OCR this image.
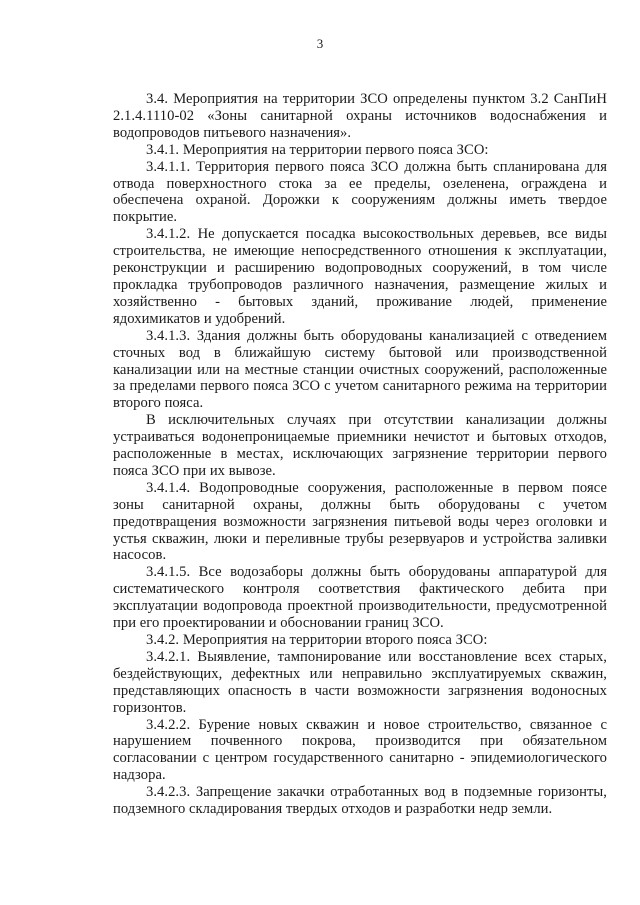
3

3.4. Мероприятия на территории ЗСО определены пунктом 3.2 СанПиН 2.1.4.1110-02 «Зоны санитарной охраны источников водоснабжения и водопроводов питьевого назначения».

3.4.1. Мероприятия на территории первого пояса ЗСО:

3.4.1.1. Территория первого пояса ЗСО должна быть спланирована для отвода поверхностного стока за ее пределы, озеленена, ограждена и обеспечена охраной. Дорожки к сооружениям должны иметь твердое покрытие.

3.4.1.2. Не допускается посадка высокоствольных деревьев, все виды строительства, не имеющие непосредственного отношения к эксплуатации, реконструкции и расширению водопроводных сооружений, в том числе прокладка трубопроводов различного назначения, размещение жилых и хозяйственно - бытовых зданий, проживание людей, применение ядохимикатов и удобрений.

3.4.1.3. Здания должны быть оборудованы канализацией с отведением сточных вод в ближайшую систему бытовой или производственной канализации или на местные станции очистных сооружений, расположенные за пределами первого пояса ЗСО с учетом санитарного режима на территории второго пояса.

В исключительных случаях при отсутствии канализации должны устраиваться водонепроницаемые приемники нечистот и бытовых отходов, расположенные в местах, исключающих загрязнение территории первого пояса ЗСО при их вывозе.

3.4.1.4. Водопроводные сооружения, расположенные в первом поясе зоны санитарной охраны, должны быть оборудованы с учетом предотвращения возможности загрязнения питьевой воды через оголовки и устья скважин, люки и переливные трубы резервуаров и устройства заливки насосов.

3.4.1.5. Все водозаборы должны быть оборудованы аппаратурой для систематического контроля соответствия фактического дебита при эксплуатации водопровода проектной производительности, предусмотренной при его проектировании и обосновании границ ЗСО.

3.4.2. Мероприятия на территории второго пояса ЗСО:

3.4.2.1. Выявление, тампонирование или восстановление всех старых, бездействующих, дефектных или неправильно эксплуатируемых скважин, представляющих опасность в части возможности загрязнения водоносных горизонтов.

3.4.2.2. Бурение новых скважин и новое строительство, связанное с нарушением почвенного покрова, производится при обязательном согласовании с центром государственного санитарно - эпидемиологического надзора.

3.4.2.3. Запрещение закачки отработанных вод в подземные горизонты, подземного складирования твердых отходов и разработки недр земли.
